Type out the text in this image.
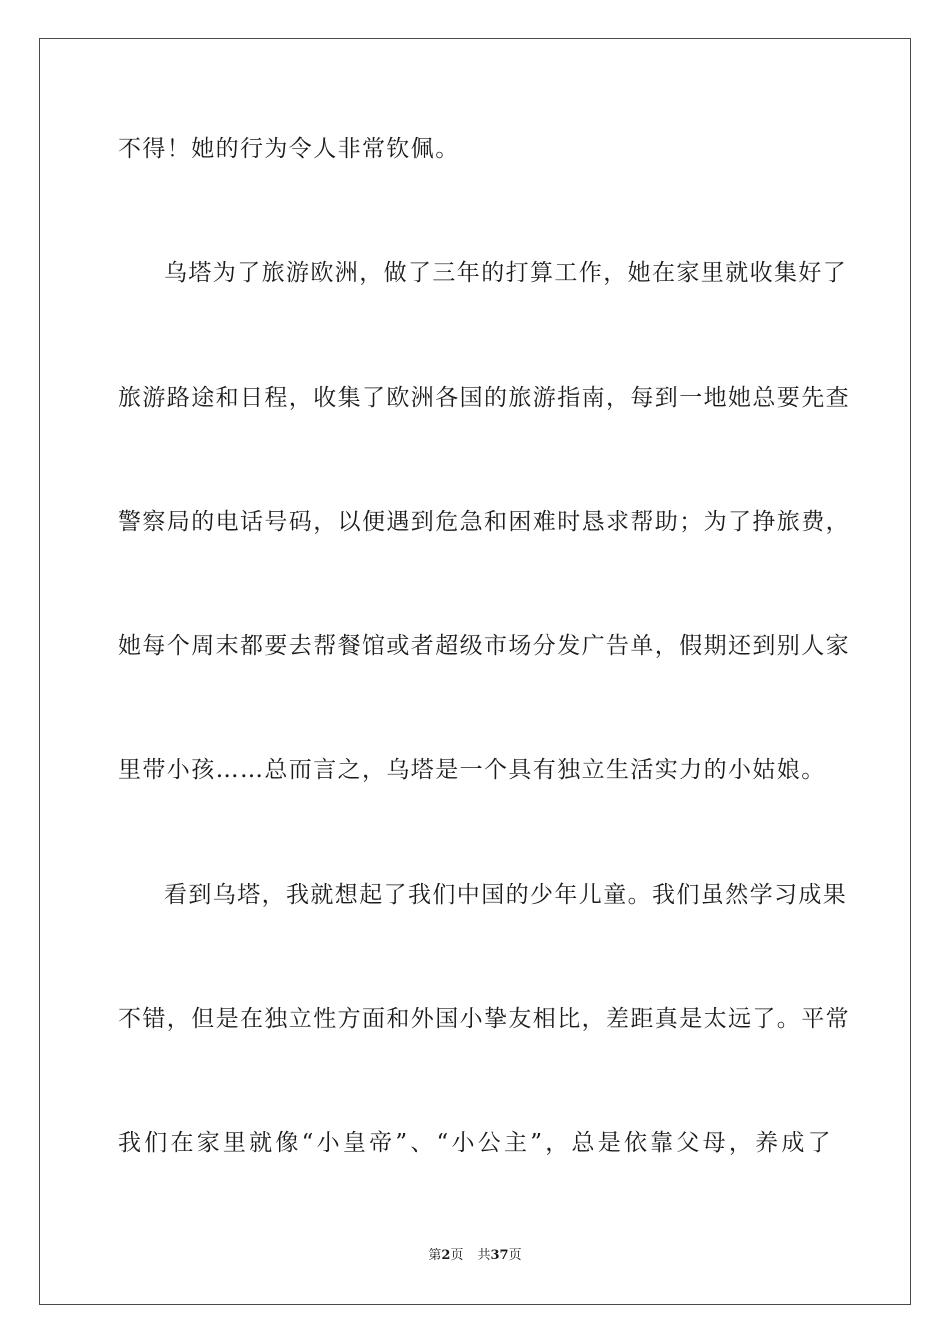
不得！她的行为令人非常钦佩。
乌塔为了旅游欧洲，做了三年的打算工作，她在家里就收集好了
旅游路途和日程，收集了欧洲各国的旅游指南，每到一地她总要先查
警察局的电话号码，以便遇到危急和困难时恳求帮助；为了挣旅费，
她每个周末都要去帮餐馆或者超级市场分发广告单，假期还到别人家
里带小孩……总而言之，乌塔是一个具有独立生活实力的小姑娘。
看到乌塔，我就想起了我们中国的少年儿童。我们虽然学习成果
不错，但是在独立性方面和外国小挚友相比，差距真是太远了。平常
我们在家里就像“小皇帝”、“小公主”，总是依靠父母，养成了
第2页 共37页
